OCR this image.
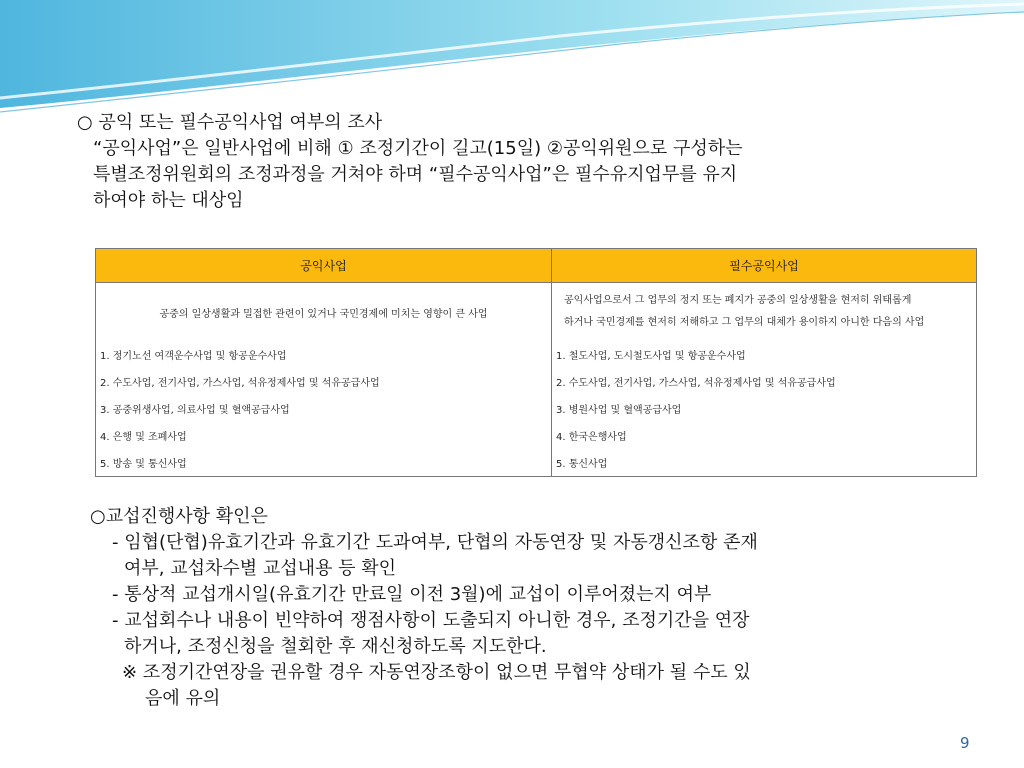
○ 공익 또는 필수공익사업 여부의 조사
“공익사업”은 일반사업에 비해 ① 조정기간이 길고(15일) ②공익위원으로 구성하는
특별조정위원회의 조정과정을 거쳐야 하며 “필수공익사업”은 필수유지업무를 유지
하여야 하는 대상임
공익사업	필수공익사업
공중의 일상생활과 밀접한 관련이 있거나 국민경제에 미치는 영향이 큰 사업	공익사업으로서 그 업무의 정지 또는 폐지가 공중의 일상생활을 현저히 위태롭게
하거나 국민경제를 현저히 저해하고 그 업무의 대체가 용이하지 아니한 다음의 사업
1. 정기노선 여객운수사업 및 항공운수사업	1. 철도사업, 도시철도사업 및 항공운수사업
2. 수도사업, 전기사업, 가스사업, 석유정제사업 및 석유공급사업	2. 수도사업, 전기사업, 가스사업, 석유정제사업 및 석유공급사업
3. 공중위생사업, 의료사업 및 혈액공급사업	3. 병원사업 및 혈액공급사업
4. 은행 및 조폐사업	4. 한국은행사업
5. 방송 및 통신사업	5. 통신사업
○교섭진행사항 확인은
- 임협(단협)유효기간과 유효기간 도과여부, 단협의 자동연장 및 자동갱신조항 존재
여부, 교섭차수별 교섭내용 등 확인
- 통상적 교섭개시일(유효기간 만료일 이전 3월)에 교섭이 이루어졌는지 여부
- 교섭회수나 내용이 빈약하여 쟁점사항이 도출되지 아니한 경우, 조정기간을 연장
하거나, 조정신청을 철회한 후 재신청하도록 지도한다.
※ 조정기간연장을 권유할 경우 자동연장조항이 없으면 무협약 상태가 될 수도 있
음에 유의
9
